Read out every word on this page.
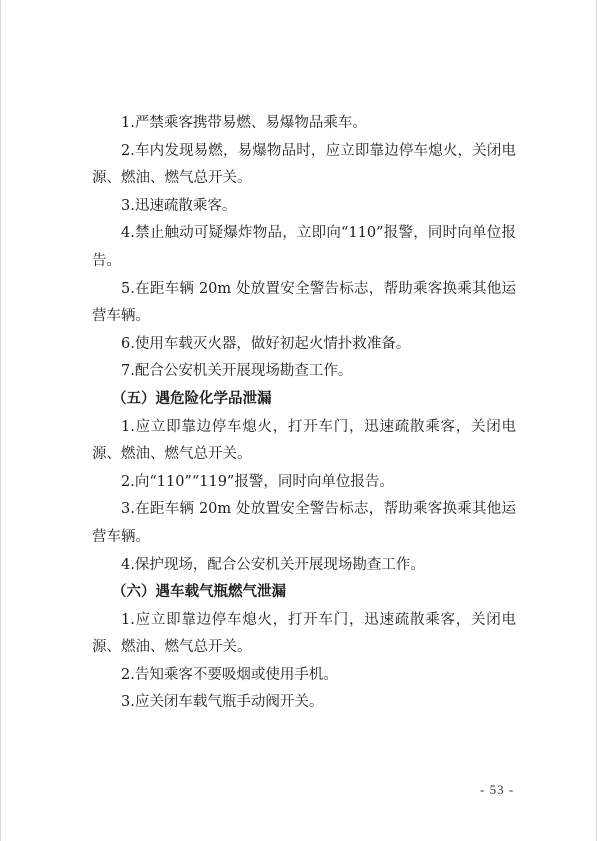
1.严禁乘客携带易燃、易爆物品乘车。

2.车内发现易燃，易爆物品时，应立即靠边停车熄火，关闭电源、燃油、燃气总开关。

3.迅速疏散乘客。

4.禁止触动可疑爆炸物品，立即向“110”报警，同时向单位报告。

5.在距车辆 20m 处放置安全警告标志，帮助乘客换乘其他运营车辆。

6.使用车载灭火器，做好初起火情扑救准备。

7.配合公安机关开展现场勘查工作。

（五）遇危险化学品泄漏

1.应立即靠边停车熄火，打开车门，迅速疏散乘客，关闭电源、燃油、燃气总开关。

2.向“110”“119”报警，同时向单位报告。

3.在距车辆 20m 处放置安全警告标志，帮助乘客换乘其他运营车辆。

4.保护现场，配合公安机关开展现场勘查工作。

（六）遇车载气瓶燃气泄漏

1.应立即靠边停车熄火，打开车门，迅速疏散乘客，关闭电源、燃油、燃气总开关。

2.告知乘客不要吸烟或使用手机。

3.应关闭车载气瓶手动阀开关。

- 53 -
